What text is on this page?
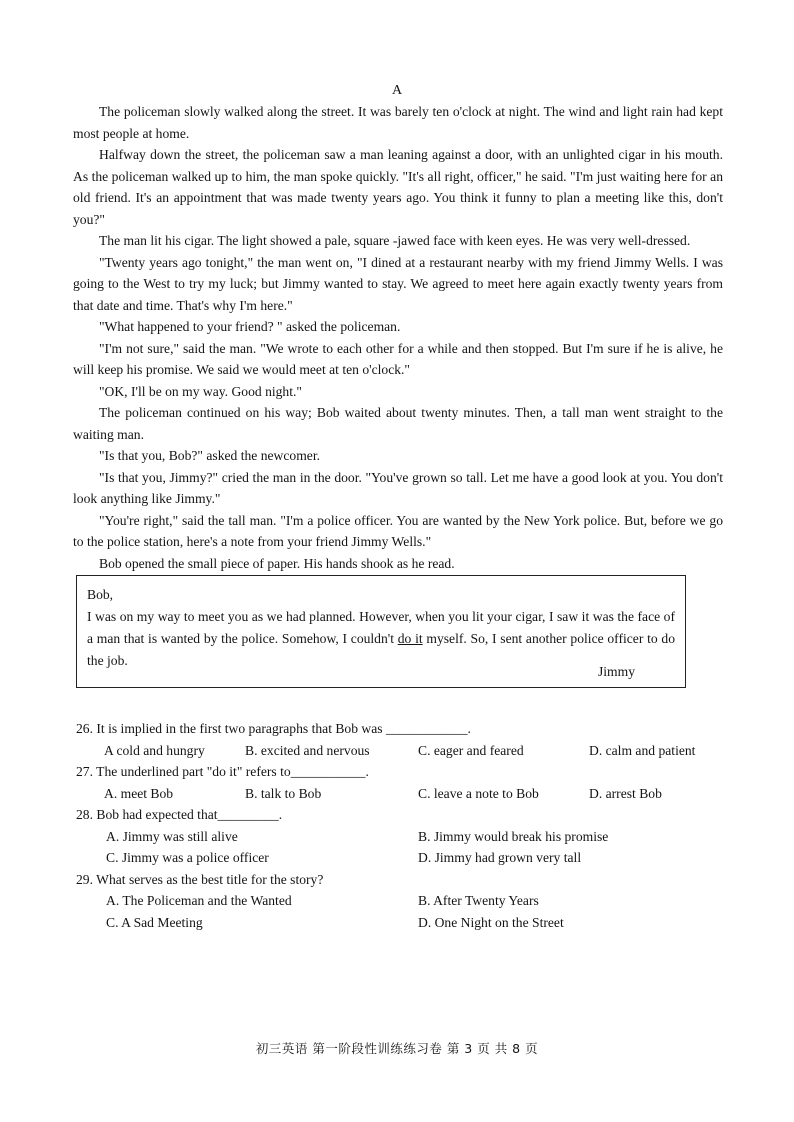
A

The policeman slowly walked along the street. It was barely ten o'clock at night. The wind and light rain had kept most people at home.

Halfway down the street, the policeman saw a man leaning against a door, with an unlighted cigar in his mouth. As the policeman walked up to him, the man spoke quickly. "It's all right, officer," he said. "I'm just waiting here for an old friend. It's an appointment that was made twenty years ago. You think it funny to plan a meeting like this, don't you?"

The man lit his cigar. The light showed a pale, square -jawed face with keen eyes. He was very well-dressed.

"Twenty years ago tonight," the man went on, "I dined at a restaurant nearby with my friend Jimmy Wells. I was going to the West to try my luck; but Jimmy wanted to stay. We agreed to meet here again exactly twenty years from that date and time. That's why I'm here."

"What happened to your friend? " asked the policeman.

"I'm not sure," said the man. "We wrote to each other for a while and then stopped. But I'm sure if he is alive, he will keep his promise. We said we would meet at ten o'clock."

"OK, I'll be on my way. Good night."

The policeman continued on his way; Bob waited about twenty minutes. Then, a tall man went straight to the waiting man.

"Is that you, Bob?" asked the newcomer.

"Is that you, Jimmy?" cried the man in the door. "You've grown so tall. Let me have a good look at you. You don't look anything like Jimmy."

"You're right," said the tall man. "I'm a police officer. You are wanted by the New York police. But, before we go to the police station, here's a note from your friend Jimmy Wells."

Bob opened the small piece of paper. His hands shook as he read.

Bob,
I was on my way to meet you as we had planned. However, when you lit your cigar, I saw it was the face of a man that is wanted by the police. Somehow, I couldn't do it myself. So, I sent another police officer to do the job.
Jimmy
26. It is implied in the first two paragraphs that Bob was ____________.
A cold and hungry	B. excited and nervous	C. eager and feared	D. calm and patient
27. The underlined part "do it" refers to___________.
A. meet Bob	B. talk to Bob	C. leave a note to Bob	D. arrest Bob
28. Bob had expected that_________.
A. Jimmy was still alive	B. Jimmy would break his promise
C. Jimmy was a police officer	D. Jimmy had grown very tall
29. What serves as the best title for the story?
A. The Policeman and the Wanted	B. After Twenty Years
C. A Sad Meeting	D. One Night on the Street
初三英语 第一阶段性训练练习卷 第 3 页 共 8 页
